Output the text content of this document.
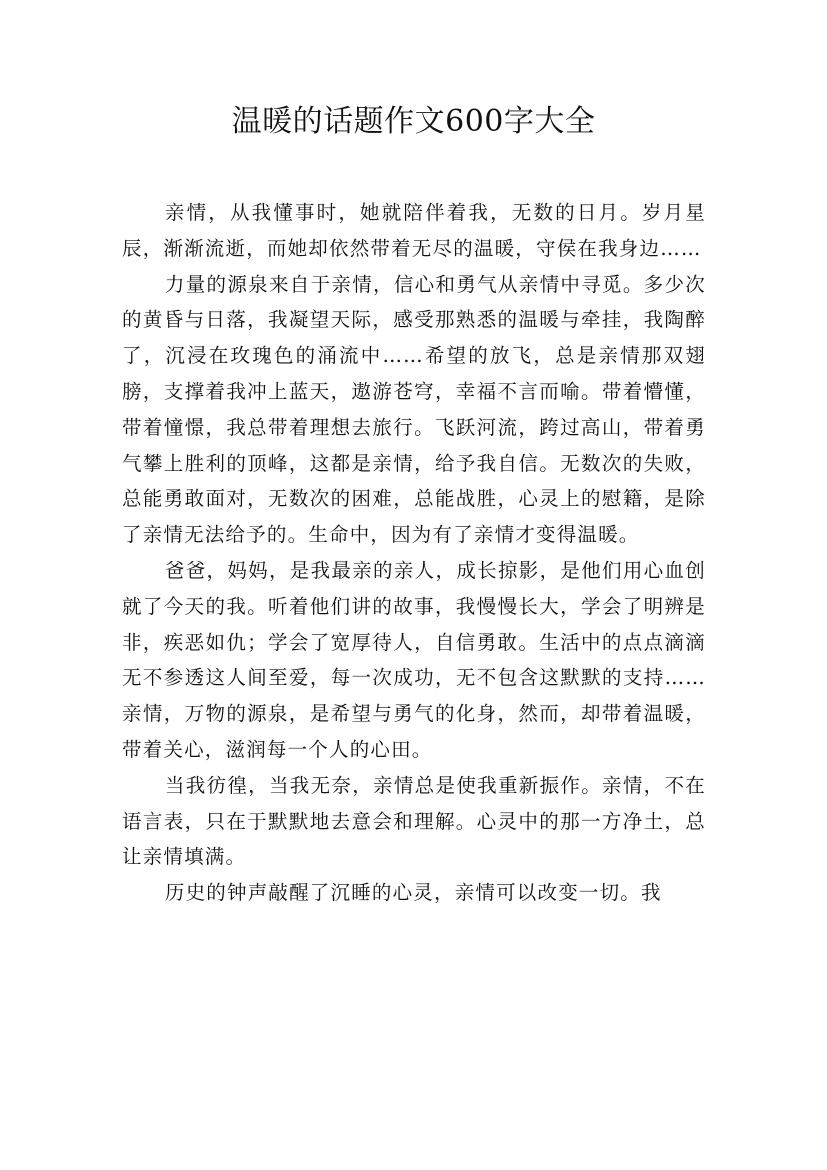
温暖的话题作文600字大全

亲情，从我懂事时，她就陪伴着我，无数的日月。岁月星辰，渐渐流逝，而她却依然带着无尽的温暖，守侯在我身边……

力量的源泉来自于亲情，信心和勇气从亲情中寻觅。多少次的黄昏与日落，我凝望天际，感受那熟悉的温暖与牵挂，我陶醉了，沉浸在玫瑰色的涌流中……希望的放飞，总是亲情那双翅膀，支撑着我冲上蓝天，遨游苍穹，幸福不言而喻。带着懵懂，带着憧憬，我总带着理想去旅行。飞跃河流，跨过高山，带着勇气攀上胜利的顶峰，这都是亲情，给予我自信。无数次的失败，总能勇敢面对，无数次的困难，总能战胜，心灵上的慰籍，是除了亲情无法给予的。生命中，因为有了亲情才变得温暖。

爸爸，妈妈，是我最亲的亲人，成长掠影，是他们用心血创就了今天的我。听着他们讲的故事，我慢慢长大，学会了明辨是非，疾恶如仇；学会了宽厚待人，自信勇敢。生活中的点点滴滴无不参透这人间至爱，每一次成功，无不包含这默默的支持……亲情，万物的源泉，是希望与勇气的化身，然而，却带着温暖，带着关心，滋润每一个人的心田。

当我彷徨，当我无奈，亲情总是使我重新振作。亲情，不在语言表，只在于默默地去意会和理解。心灵中的那一方净土，总让亲情填满。

历史的钟声敲醒了沉睡的心灵，亲情可以改变一切。我
